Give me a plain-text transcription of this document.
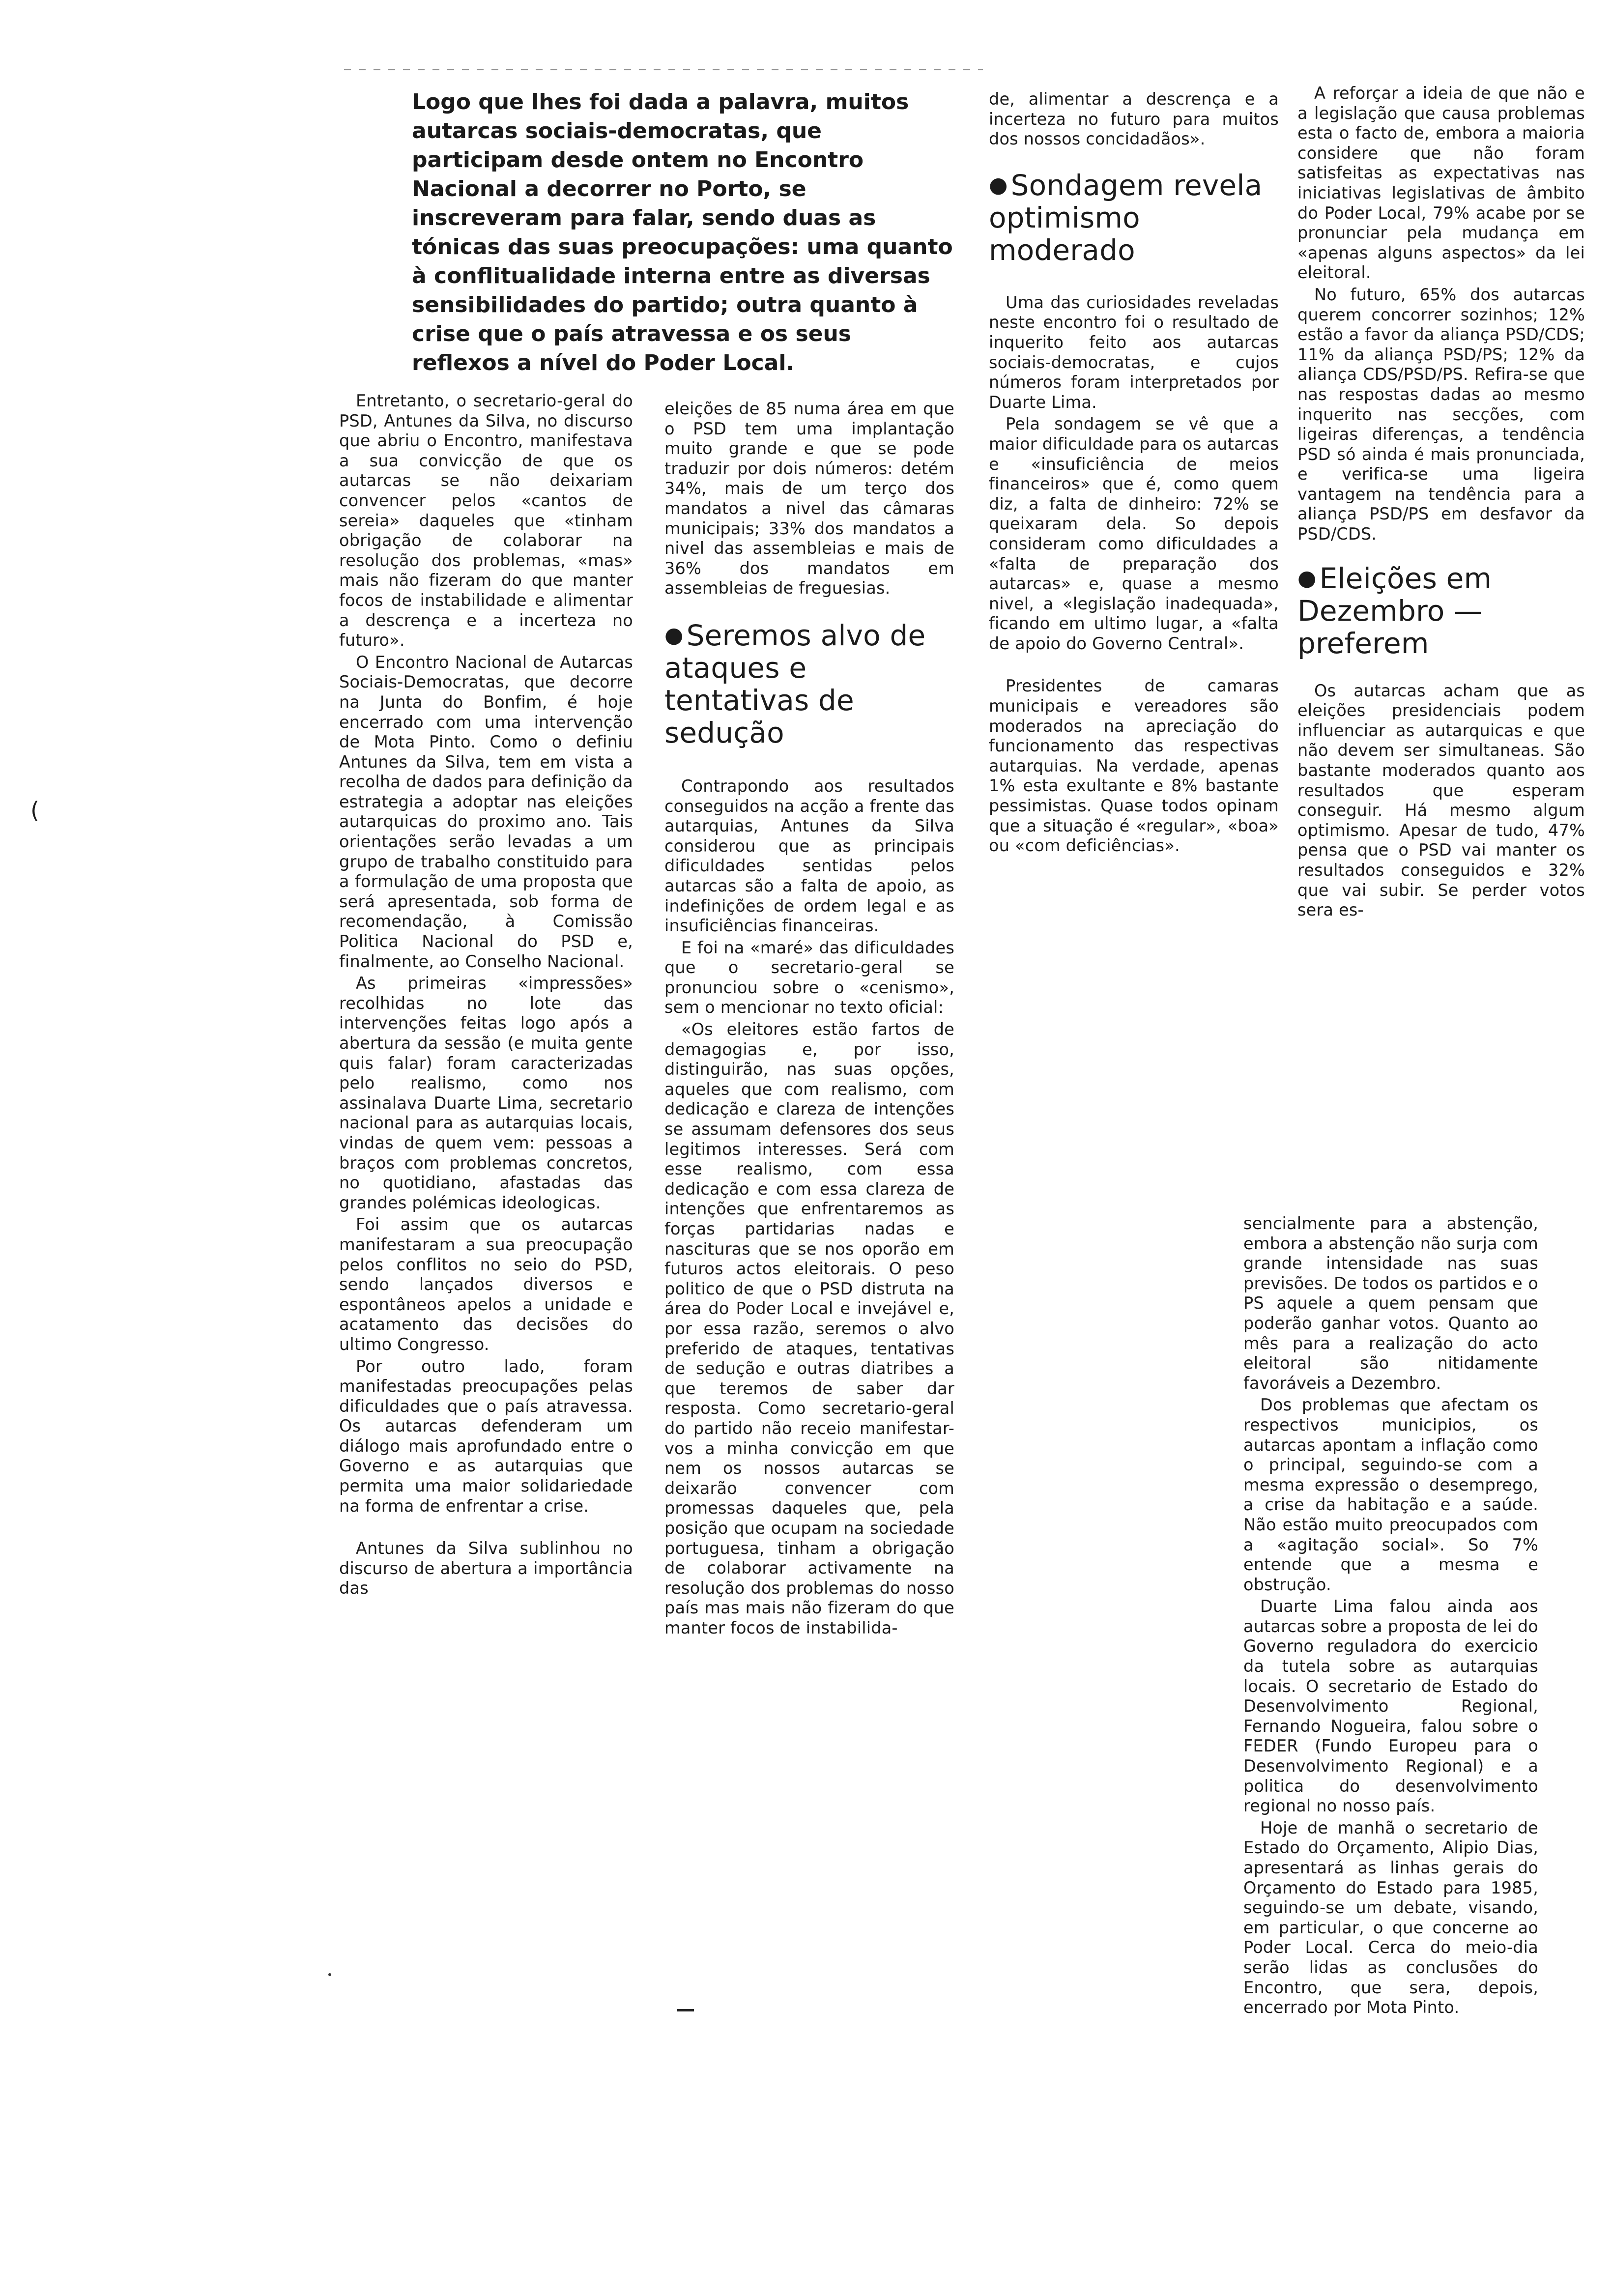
Logo que lhes foi dada a palavra, muitos autarcas sociais-democratas, que participam desde ontem no Encontro Nacional a decorrer no Porto, se inscreveram para falar, sendo duas as tónicas das suas preocupações: uma quanto à conflitualidade interna entre as diversas sensibilidades do partido; outra quanto à crise que o país atravessa e os seus reflexos a nível do Poder Local.

Entretanto, o secretario-geral do PSD, Antunes da Silva, no discurso que abriu o Encontro, manifestava a sua convicção de que os autarcas se não deixariam convencer pelos «cantos de sereia» daqueles que «tinham obrigação de colaborar na resolução dos problemas, «mas» mais não fizeram do que manter focos de instabilidade e alimentar a descrença e a incerteza no futuro».

O Encontro Nacional de Autarcas Sociais-Democratas, que decorre na Junta do Bonfim, é hoje encerrado com uma intervenção de Mota Pinto. Como o definiu Antunes da Silva, tem em vista a recolha de dados para definição da estrategia a adoptar nas eleições autarquicas do proximo ano. Tais orientações serão levadas a um grupo de trabalho constituido para a formulação de uma proposta que será apresentada, sob forma de recomendação, à Comissão Politica Nacional do PSD e, finalmente, ao Conselho Nacional.

As primeiras «impressões» recolhidas no lote das intervenções feitas logo após a abertura da sessão (e muita gente quis falar) foram caracterizadas pelo realismo, como nos assinalava Duarte Lima, secretario nacional para as autarquias locais, vindas de quem vem: pessoas a braços com problemas concretos, no quotidiano, afastadas das grandes polémicas ideologicas.

Foi assim que os autarcas manifestaram a sua preocupação pelos conflitos no seio do PSD, sendo lançados diversos e espontâneos apelos a unidade e acatamento das decisões do ultimo Congresso.

Por outro lado, foram manifestadas preocupações pelas dificuldades que o país atravessa. Os autarcas defenderam um diálogo mais aprofundado entre o Governo e as autarquias que permita uma maior solidariedade na forma de enfrentar a crise.

Antunes da Silva sublinhou no discurso de abertura a importância das

eleições de 85 numa área em que o PSD tem uma implantação muito grande e que se pode traduzir por dois números: detém 34%, mais de um terço dos mandatos a nivel das câmaras municipais; 33% dos mandatos a nivel das assembleias e mais de 36% dos mandatos em assembleias de freguesias.

● Seremos alvo de ataques e tentativas de sedução

Contrapondo aos resultados conseguidos na acção a frente das autarquias, Antunes da Silva considerou que as principais dificuldades sentidas pelos autarcas são a falta de apoio, as indefinições de ordem legal e as insuficiências financeiras.

E foi na «maré» das dificuldades que o secretario-geral se pronunciou sobre o «cenismo», sem o mencionar no texto oficial:

«Os eleitores estão fartos de demagogias e, por isso, distinguirão, nas suas opções, aqueles que com realismo, com dedicação e clareza de intenções se assumam defensores dos seus legitimos interesses. Será com esse realismo, com essa dedicação e com essa clareza de intenções que enfrentaremos as forças partidarias nadas e nascituras que se nos oporão em futuros actos eleitorais. O peso politico de que o PSD distruta na área do Poder Local e invejável e, por essa razão, seremos o alvo preferido de ataques, tentativas de sedução e outras diatribes a que teremos de saber dar resposta. Como secretario-geral do partido não receio manifestar-vos a minha convicção em que nem os nossos autarcas se deixarão convencer com promessas daqueles que, pela posição que ocupam na sociedade portuguesa, tinham a obrigação de colaborar activamente na resolução dos problemas do nosso país mas mais não fizeram do que manter focos de instabilida-

de, alimentar a descrença e a incerteza no futuro para muitos dos nossos concidadãos».

● Sondagem revela optimismo moderado

Uma das curiosidades reveladas neste encontro foi o resultado de inquerito feito aos autarcas sociais-democratas, e cujos números foram interpretados por Duarte Lima.

Pela sondagem se vê que a maior dificuldade para os autarcas e «insuficiência de meios financeiros» que é, como quem diz, a falta de dinheiro: 72% se queixaram dela. So depois consideram como dificuldades a «falta de preparação dos autarcas» e, quase a mesmo nivel, a «legislação inadequada», ficando em ultimo lugar, a «falta de apoio do Governo Central».

Presidentes de camaras municipais e vereadores são moderados na apreciação do funcionamento das respectivas autarquias. Na verdade, apenas 1% esta exultante e 8% bastante pessimistas. Quase todos opinam que a situação é «regular», «boa» ou «com deficiências».

A reforçar a ideia de que não e a legislação que causa problemas esta o facto de, embora a maioria considere que não foram satisfeitas as expectativas nas iniciativas legislativas de âmbito do Poder Local, 79% acabe por se pronunciar pela mudança em «apenas alguns aspectos» da lei eleitoral.

No futuro, 65% dos autarcas querem concorrer sozinhos; 12% estão a favor da aliança PSD/CDS; 11% da aliança PSD/PS; 12% da aliança CDS/PSD/PS. Refira-se que nas respostas dadas ao mesmo inquerito nas secções, com ligeiras diferenças, a tendência PSD só ainda é mais pronunciada, e verifica-se uma ligeira vantagem na tendência para a aliança PSD/PS em desfavor da PSD/CDS.

● Eleições em Dezembro — preferem

Os autarcas acham que as eleições presidenciais podem influenciar as autarquicas e que não devem ser simultaneas. São bastante moderados quanto aos resultados que esperam conseguir. Há mesmo algum optimismo. Apesar de tudo, 47% pensa que o PSD vai manter os resultados conseguidos e 32% que vai subir. Se perder votos sera es-

sencialmente para a abstenção, embora a abstenção não surja com grande intensidade nas suas previsões. De todos os partidos e o PS aquele a quem pensam que poderão ganhar votos. Quanto ao mês para a realização do acto eleitoral são nitidamente favoráveis a Dezembro.

Dos problemas que afectam os respectivos municipios, os autarcas apontam a inflação como o principal, seguindo-se com a mesma expressão o desemprego, a crise da habitação e a saúde. Não estão muito preocupados com a «agitação social». So 7% entende que a mesma e obstrução.

Duarte Lima falou ainda aos autarcas sobre a proposta de lei do Governo reguladora do exercicio da tutela sobre as autarquias locais. O secretario de Estado do Desenvolvimento Regional, Fernando Nogueira, falou sobre o FEDER (Fundo Europeu para o Desenvolvimento Regional) e a politica do desenvolvimento regional no nosso país.

Hoje de manhã o secretario de Estado do Orçamento, Alipio Dias, apresentará as linhas gerais do Orçamento do Estado para 1985, seguindo-se um debate, visando, em particular, o que concerne ao Poder Local. Cerca do meio-dia serão lidas as conclusões do Encontro, que sera, depois, encerrado por Mota Pinto.

(
